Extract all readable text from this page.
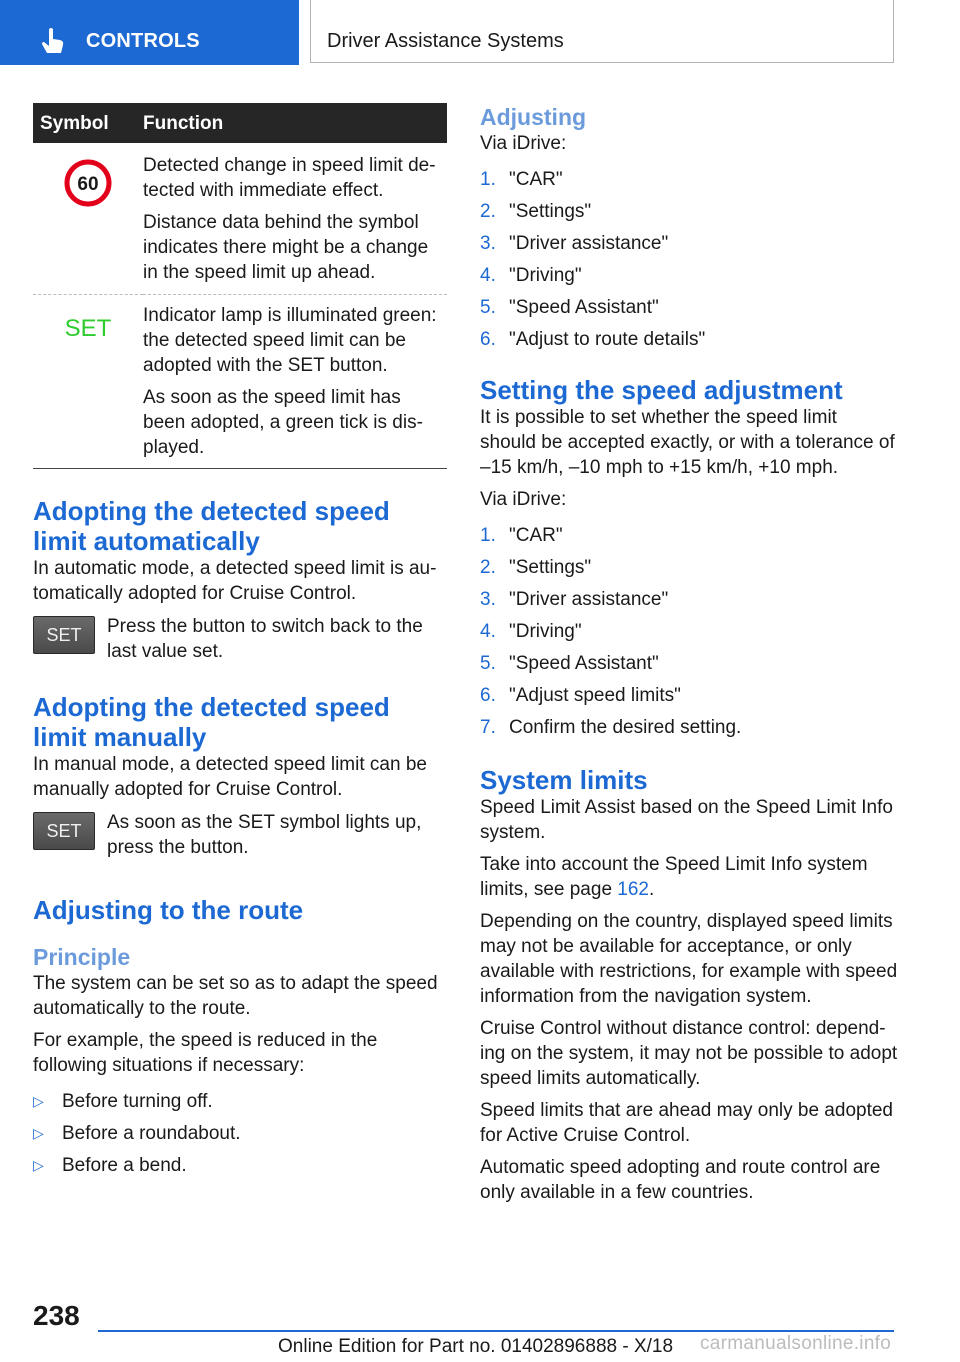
CONTROLS	Driver Assistance Systems
Symbol	Function

60	Detected change in speed limit detected with immediate effect.

Distance data behind the symbol indicates there might be a change in the speed limit up ahead.

SET	Indicator lamp is illuminated green: the detected speed limit can be adopted with the SET button.

As soon as the speed limit has been adopted, a green tick is displayed.

Adopting the detected speed limit automatically

In automatic mode, a detected speed limit is automatically adopted for Cruise Control.

SET	Press the button to switch back to the last value set.
Adopting the detected speed limit manually

In manual mode, a detected speed limit can be manually adopted for Cruise Control.

SET	As soon as the SET symbol lights up, press the button.
Adjusting to the route
Principle

The system can be set so as to adapt the speed automatically to the route.

For example, the speed is reduced in the following situations if necessary:

▷ Before turning off.
▷ Before a roundabout.
▷ Before a bend.
Adjusting

Via iDrive:

1. "CAR"
2. "Settings"
3. "Driver assistance"
4. "Driving"
5. "Speed Assistant"
6. "Adjust to route details"
Setting the speed adjustment

It is possible to set whether the speed limit should be accepted exactly, or with a tolerance of –15 km/h, –10 mph to +15 km/h, +10 mph.

Via iDrive:

1. "CAR"
2. "Settings"
3. "Driver assistance"
4. "Driving"
5. "Speed Assistant"
6. "Adjust speed limits"
7. Confirm the desired setting.
System limits

Speed Limit Assist based on the Speed Limit Info system.

Take into account the Speed Limit Info system limits, see page 162.

Depending on the country, displayed speed limits may not be available for acceptance, or only available with restrictions, for example with speed information from the navigation system.

Cruise Control without distance control: depending on the system, it may not be possible to adopt speed limits automatically.

Speed limits that are ahead may only be adopted for Active Cruise Control.

Automatic speed adopting and route control are only available in a few countries.

238
Online Edition for Part no. 01402896888 - X/18 carmanualsonline.info
